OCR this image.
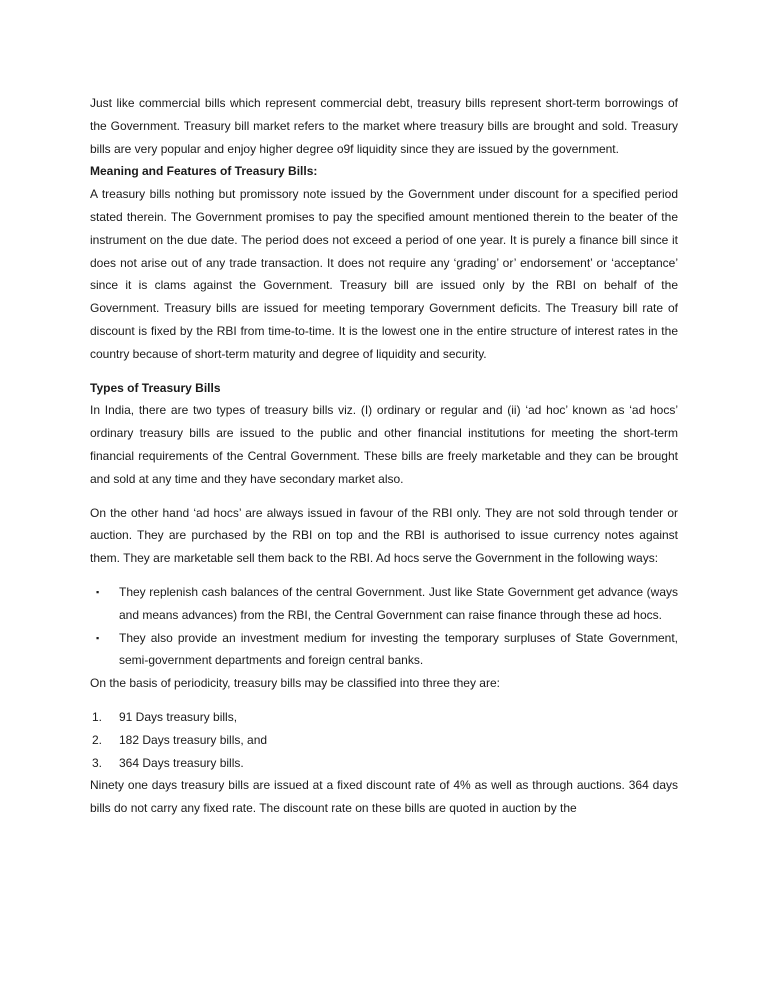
Just like commercial bills which represent commercial debt, treasury bills represent short-term borrowings of the Government. Treasury bill market refers to the market where treasury bills are brought and sold. Treasury bills are very popular and enjoy higher degree o9f liquidity since they are issued by the government.

Meaning and Features of Treasury Bills:

A treasury bills nothing but promissory note issued by the Government under discount for a specified period stated therein. The Government promises to pay the specified amount mentioned therein to the beater of the instrument on the due date. The period does not exceed a period of one year. It is purely a finance bill since it does not arise out of any trade transaction. It does not require any ‘grading’ or’ endorsement’ or ‘acceptance’ since it is clams against the Government. Treasury bill are issued only by the RBI on behalf of the Government. Treasury bills are issued for meeting temporary Government deficits. The Treasury bill rate of discount is fixed by the RBI from time-to-time. It is the lowest one in the entire structure of interest rates in the country because of short-term maturity and degree of liquidity and security.

Types of Treasury Bills

In India, there are two types of treasury bills viz. (I) ordinary or regular and (ii) ‘ad hoc’ known as ‘ad hocs’ ordinary treasury bills are issued to the public and other financial institutions for meeting the short-term financial requirements of the Central Government. These bills are freely marketable and they can be brought and sold at any time and they have secondary market also.

On the other hand ‘ad hocs’ are always issued in favour of the RBI only. They are not sold through tender or auction. They are purchased by the RBI on top and the RBI is authorised to issue currency notes against them. They are marketable sell them back to the RBI. Ad hocs serve the Government in the following ways:

▪ They replenish cash balances of the central Government. Just like State Government get advance (ways and means advances) from the RBI, the Central Government can raise finance through these ad hocs.
▪ They also provide an investment medium for investing the temporary surpluses of State Government, semi-government departments and foreign central banks.

On the basis of periodicity, treasury bills may be classified into three they are:

1. 91 Days treasury bills,
2. 182 Days treasury bills, and
3. 364 Days treasury bills.

Ninety one days treasury bills are issued at a fixed discount rate of 4% as well as through auctions. 364 days bills do not carry any fixed rate. The discount rate on these bills are quoted in auction by the
